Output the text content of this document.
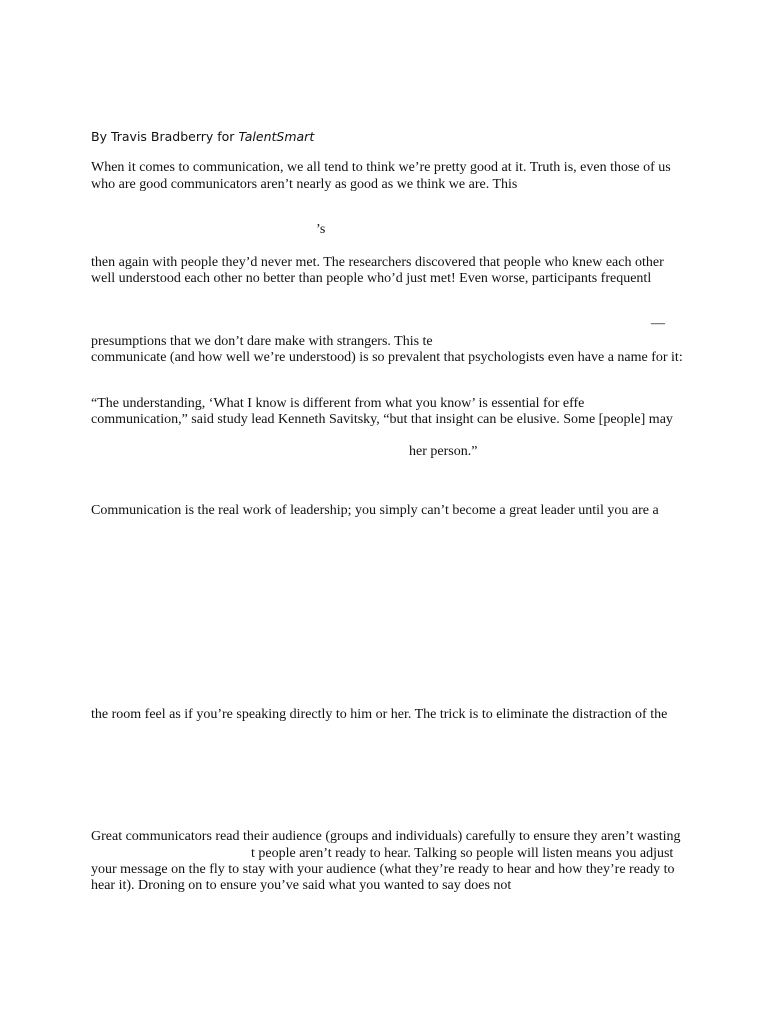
By Travis Bradberry for TalentSmart
When it comes to communication, we all tend to think we’re pretty good at it. Truth is, even those of us
who are good communicators aren’t nearly as good as we think we are. This
’s
then again with people they’d never met. The researchers discovered that people who knew each other
well understood each other no better than people who’d just met! Even worse, participants frequentl
—
presumptions that we don’t dare make with strangers. This te
communicate (and how well we’re understood) is so prevalent that psychologists even have a name for it:
“The understanding, ‘What I know is different from what you know’ is essential for effe
communication,” said study lead Kenneth Savitsky, “but that insight can be elusive. Some [people] may
her person.”
Communication is the real work of leadership; you simply can’t become a great leader until you are a
the room feel as if you’re speaking directly to him or her. The trick is to eliminate the distraction of the
Great communicators read their audience (groups and individuals) carefully to ensure they aren’t wasting
t people aren’t ready to hear. Talking so people will listen means you adjust
your message on the fly to stay with your audience (what they’re ready to hear and how they’re ready to
hear it). Droning on to ensure you’ve said what you wanted to say does not
